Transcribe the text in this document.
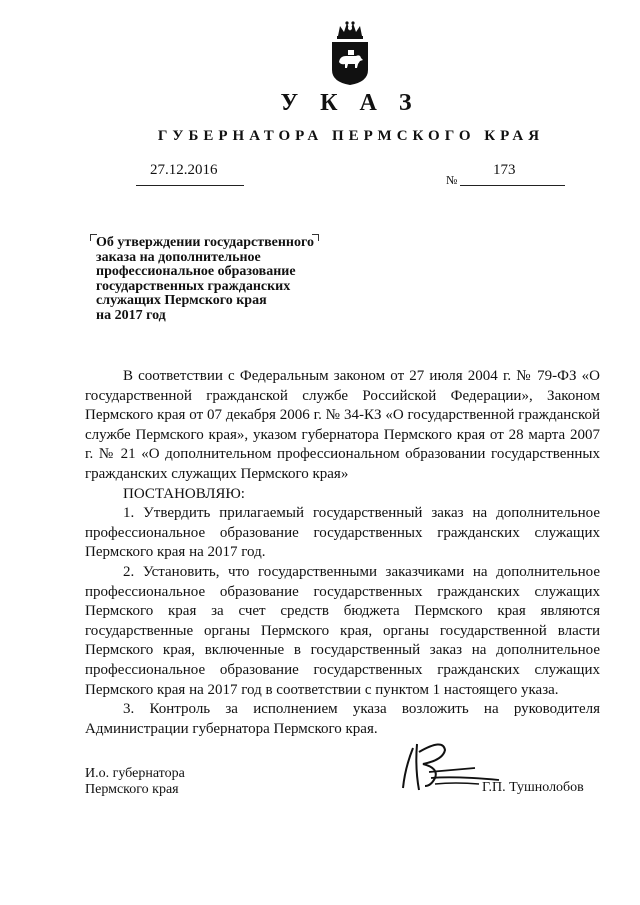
У К А З
ГУБЕРНАТОРА ПЕРМСКОГО КРАЯ
27.12.2016
№
173
Об утверждении государственного
заказа на дополнительное
профессиональное образование
государственных гражданских
служащих Пермского края
на 2017 год

В соответствии с Федеральным законом от 27 июля 2004 г. № 79-ФЗ «О государственной гражданской службе Российской Федерации», Законом Пермского края от 07 декабря 2006 г. № 34-КЗ «О государственной гражданской службе Пермского края», указом губернатора Пермского края от 28 марта 2007 г. № 21 «О дополнительном профессиональном образовании государственных гражданских служащих Пермского края»

ПОСТАНОВЛЯЮ:

1. Утвердить прилагаемый государственный заказ на дополнительное профессиональное образование государственных гражданских служащих Пермского края на 2017 год.

2. Установить, что государственными заказчиками на дополнительное профессиональное образование государственных гражданских служащих Пермского края за счет средств бюджета Пермского края являются государственные органы Пермского края, органы государственной власти Пермского края, включенные в государственный заказ на дополнительное профессиональное образование государственных гражданских служащих Пермского края на 2017 год в соответствии с пунктом 1 настоящего указа.

3. Контроль за исполнением указа возложить на руководителя Администрации губернатора Пермского края.

И.о. губернатора
Пермского края	Г.П. Тушнолобов
